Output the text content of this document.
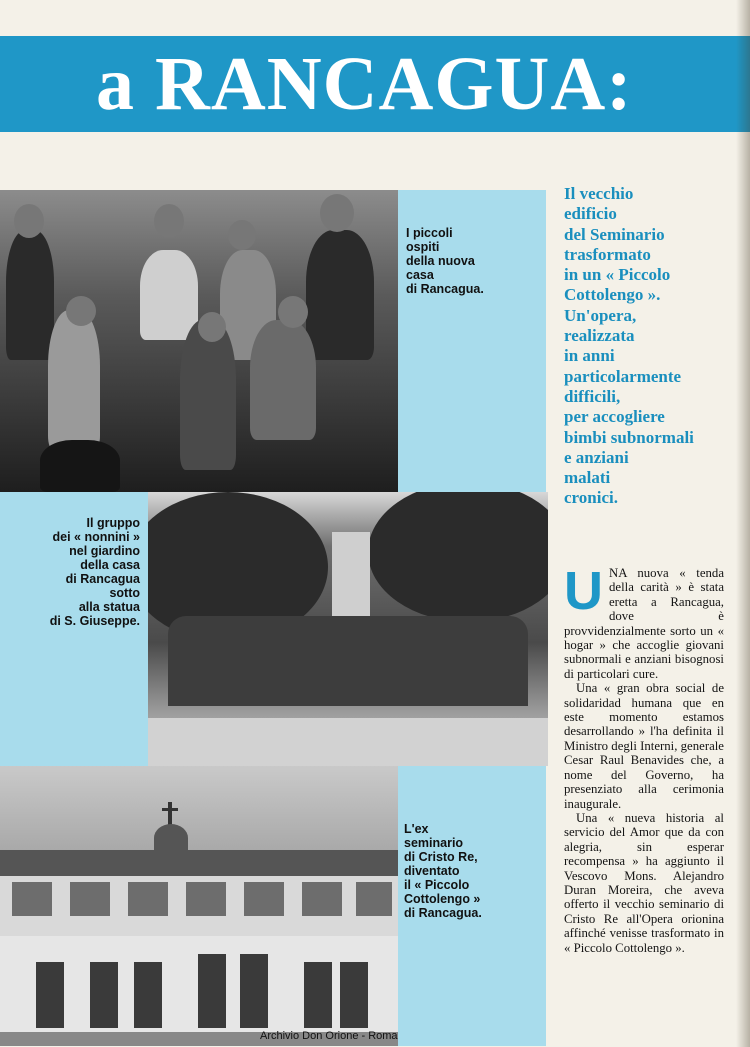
a RANCAGUA:
I piccoli
ospiti
della nuova
casa
di Rancagua.
Il gruppo
dei « nonnini »
nel giardino
della casa
di Rancagua
sotto
alla statua
di S. Giuseppe.
L'ex
seminario
di Cristo Re,
diventato
il « Piccolo
Cottolengo »
di Rancagua.
Il vecchio
edificio
del Seminario
trasformato
in un « Piccolo
Cottolengo ».
Un'opera,
realizzata
in anni
particolarmente
difficili,
per accogliere
bimbi subnormali
e anziani
malati
cronici.

UNA nuova « tenda della carità » è stata eretta a Rancagua, dove è provvidenzialmente sorto un « hogar » che accoglie giovani subnormali e anziani bisognosi di particolari cure.

Una « gran obra social de solidaridad humana que en este momento estamos desarrollando » l'ha definita il Ministro degli Interni, generale Cesar Raul Benavides che, a nome del Governo, ha presenziato alla cerimonia inaugurale.

Una « nueva historia al servicio del Amor que da con alegria, sin esperar recompensa » ha aggiunto il Vescovo Mons. Alejandro Duran Moreira, che aveva offerto il vecchio seminario di Cristo Re all'Opera orionina affinché venisse trasformato in « Piccolo Cottolengo ».

Archivio Don Orione - Roma
